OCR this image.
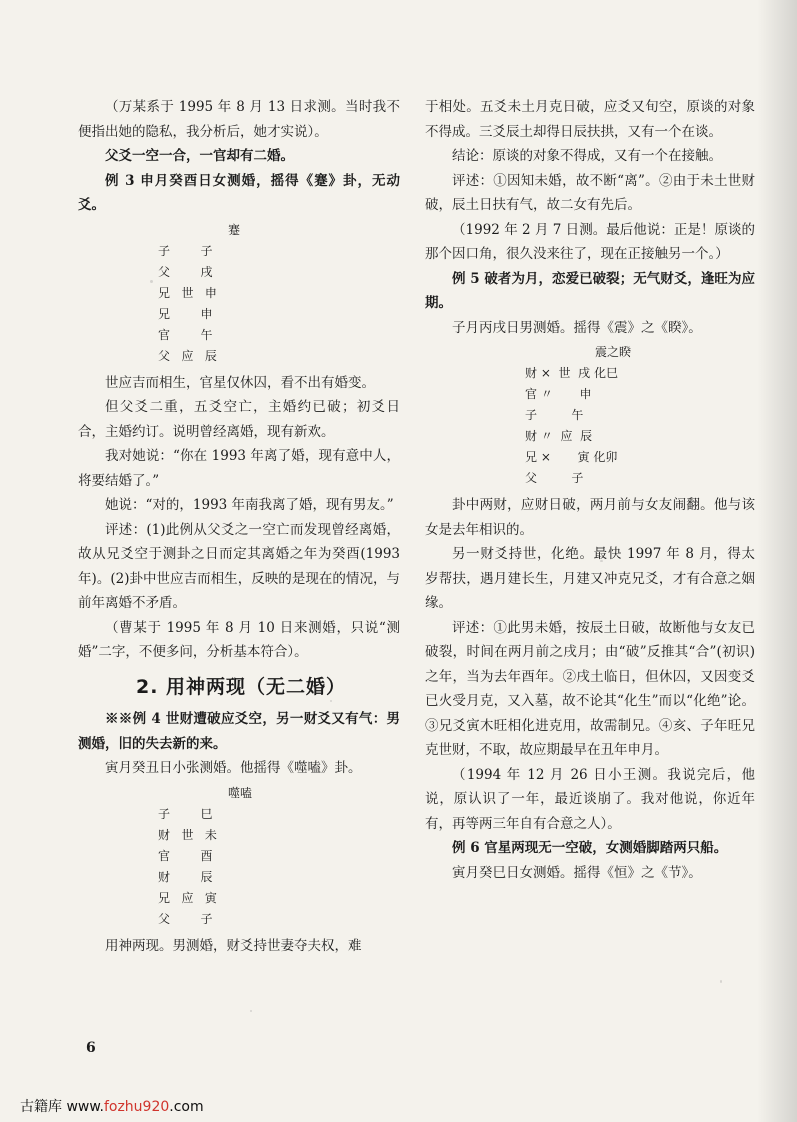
（万某系于 1995 年 8 月 13 日求测。当时我不便指出她的隐私，我分析后，她才实说）。

父爻一空一合，一官却有二婚。

例 3 申月癸酉日女测婚，摇得《蹇》卦，无动爻。

蹇
子        子
父        戌
兄   世   申
兄        申
官        午
父   应   辰

世应吉而相生，官星仅休囚，看不出有婚变。

但父爻二重，五爻空亡，主婚约已破；初爻日合，主婚约订。说明曾经离婚，现有新欢。

我对她说：“你在 1993 年离了婚，现有意中人，将要结婚了。”

她说：“对的，1993 年南我离了婚，现有男友。”

评述：(1)此例从父爻之一空亡而发现曾经离婚，故从兄爻空于测卦之日而定其离婚之年为癸酉(1993 年)。(2)卦中世应吉而相生，反映的是现在的情况，与前年离婚不矛盾。

（曹某于 1995 年 8 月 10 日来测婚，只说“测婚”二字，不便多问，分析基本符合）。

2. 用神两现（无二婚）

※※例 4 世财遭破应爻空，另一财爻又有气：男测婚，旧的失去新的来。

寅月癸丑日小张测婚。他摇得《噬嗑》卦。

噬嗑
子        巳
财   世   未
官        酉
财        辰
兄   应   寅
父        子

用神两现。男测婚，财爻持世妻夺夫权，难

于相处。五爻未土月克日破，应爻又旬空，原谈的对象不得成。三爻辰土却得日辰扶拱，又有一个在谈。

结论：原谈的对象不得成，又有一个在接触。

评述：①因知未婚，故不断“离”。②由于未土世财破，辰土日扶有气，故二女有先后。

（1992 年 2 月 7 日测。最后他说：正是！原谈的那个因口角，很久没来往了，现在正接触另一个。）

例 5 破者为月，恋爱已破裂；无气财爻，逢旺为应期。

子月丙戌日男测婚。摇得《震》之《睽》。

震之睽
财 ×  世  戌 化巳
官 〃       申
子         午
财 〃  应  辰
兄 ×       寅 化卯
父         子

卦中两财，应财日破，两月前与女友闹翻。他与该女是去年相识的。

另一财爻持世，化绝。最快 1997 年 8 月，得太岁帮扶，遇月建长生，月建又冲克兄爻，才有合意之姻缘。

评述：①此男未婚，按辰土日破，故断他与女友已破裂，时间在两月前之戌月；由“破”反推其“合”(初识)之年，当为去年酉年。②戌土临日，但休囚，又因变爻已火受月克，又入墓，故不论其“化生”而以“化绝”论。③兄爻寅木旺相化进克用，故需制兄。④亥、子年旺兄克世财，不取，故应期最早在丑年申月。

（1994 年 12 月 26 日小王测。我说完后，他说，原认识了一年，最近谈崩了。我对他说，你近年有，再等两三年自有合意之人）。

例 6 官星两现无一空破，女测婚脚踏两只船。

寅月癸巳日女测婚。摇得《恒》之《节》。

6
古籍库 www.fozhu920.com
